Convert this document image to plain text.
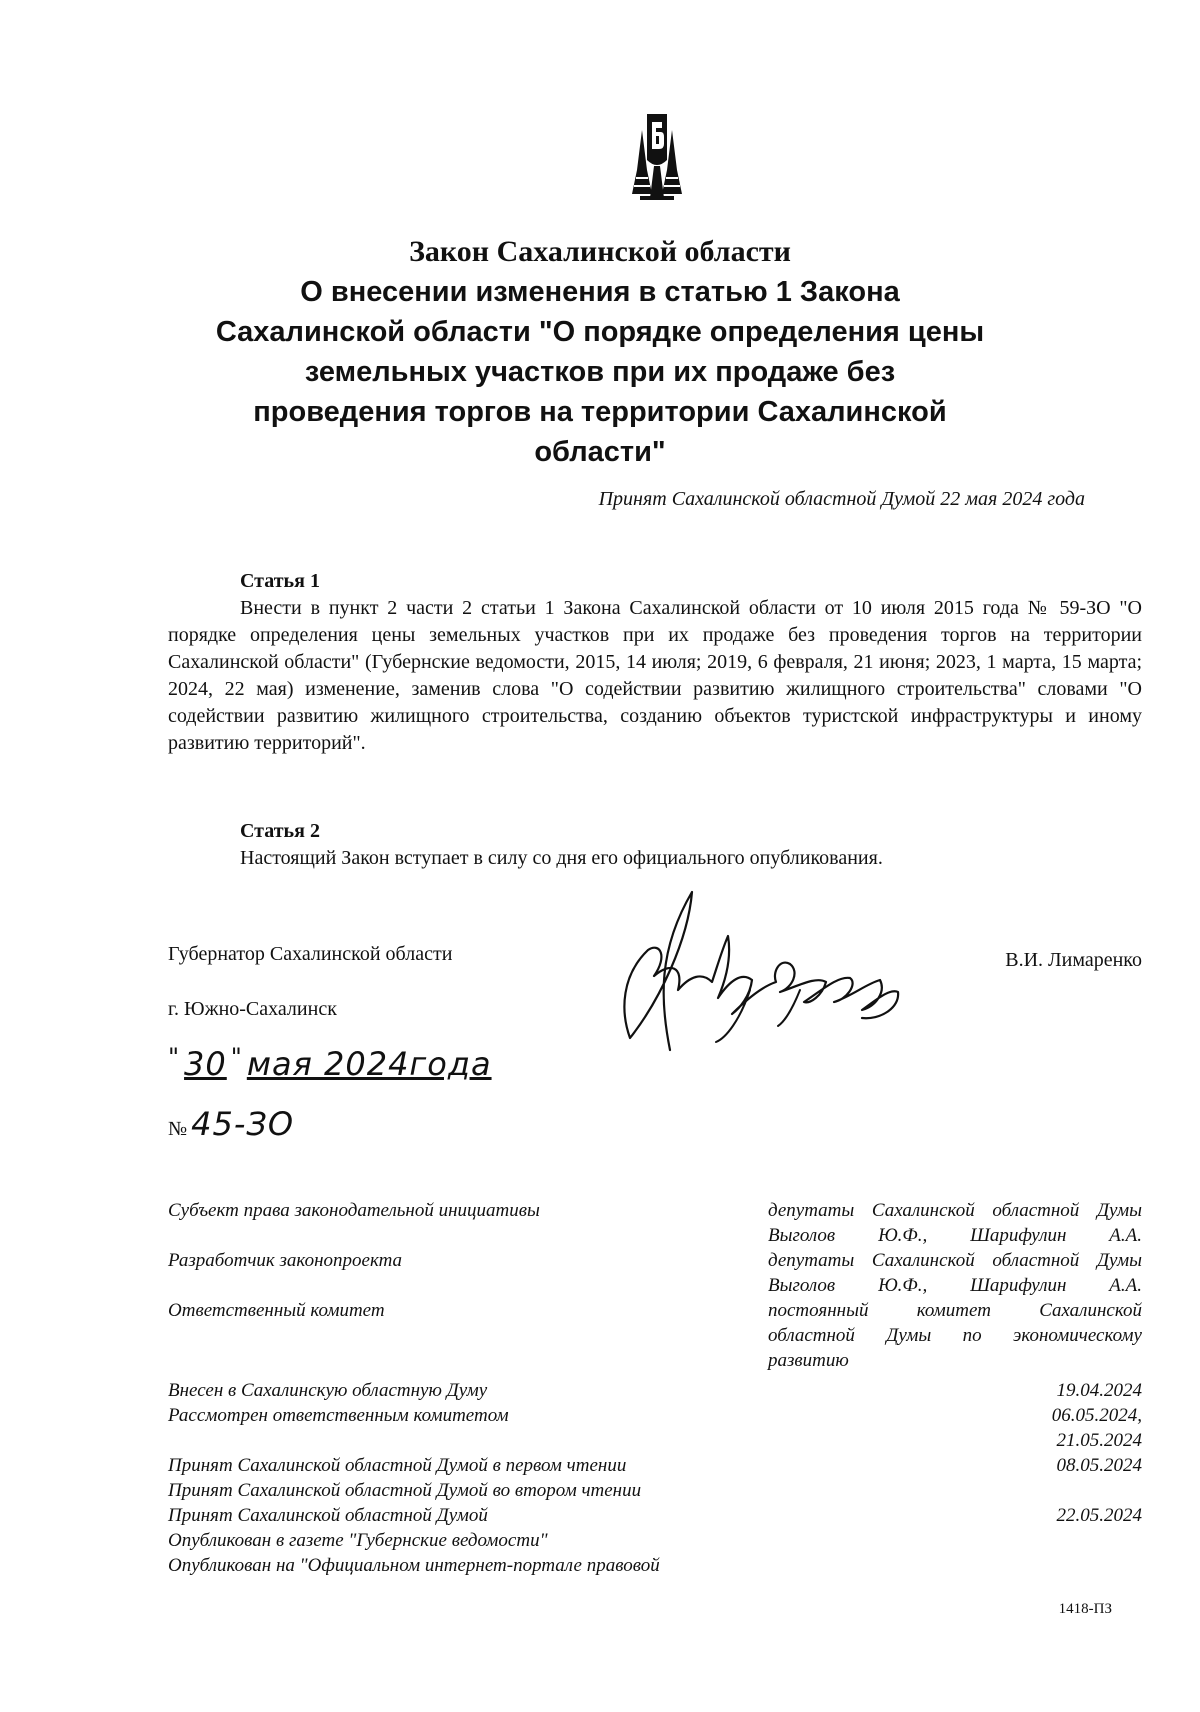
Закон Сахалинской области
О внесении изменения в статью 1 Закона
Сахалинской области "О порядке определения цены
земельных участков при их продаже без
проведения торгов на территории Сахалинской
области"
Принят Сахалинской областной Думой 22 мая 2024 года
Статья 1
Внести в пункт 2 части 2 статьи 1 Закона Сахалинской области от 10 июля 2015 года № 59-ЗО "О порядке определения цены земельных участков при их продаже без проведения торгов на территории Сахалинской области" (Губернские ведомости, 2015, 14 июля; 2019, 6 февраля, 21 июня; 2023, 1 марта, 15 марта; 2024, 22 мая) изменение, заменив слова "О содействии развитию жилищного строительства" словами "О содействии развитию жилищного строительства, созданию объектов туристской инфраструктуры и иному развитию территорий".
Статья 2
Настоящий Закон вступает в силу со дня его официального опубликования.
Губернатор Сахалинской области	В.И. Лимаренко
г. Южно-Сахалинск
" 30 " мая 2024года
№ 45-ЗО
Субъект права законодательной инициативы	депутаты Сахалинской областной Думы Выголов Ю.Ф., Шарифулин А.А.
Разработчик законопроекта	депутаты Сахалинской областной Думы Выголов Ю.Ф., Шарифулин А.А.
Ответственный комитет	постоянный комитет Сахалинской областной Думы по экономическому развитию
Внесен в Сахалинскую областную Думу	19.04.2024
Рассмотрен ответственным комитетом	06.05.2024,
21.05.2024
Принят Сахалинской областной Думой в первом чтении	08.05.2024
Принят Сахалинской областной Думой во втором чтении
Принят Сахалинской областной Думой	22.05.2024
Опубликован в газете "Губернские ведомости"
Опубликован на "Официальном интернет-портале правовой
1418-ПЗ
